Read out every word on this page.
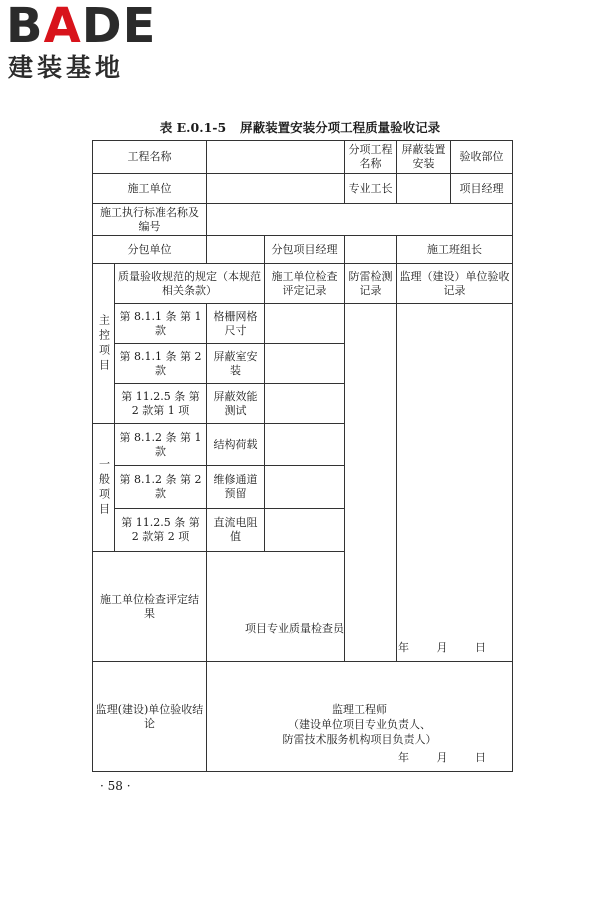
BADE
建装基地
表 E.0.1-5 屏蔽装置安装分项工程质量验收记录
工程名称				分项工程名称	屏蔽装置安装	验收部位
施工单位				专业工长		项目经理
施工执行标准名称及编号						
分包单位			分包项目经理		施工班组长	

主控项目	质量验收规范的规定（本规范相关条款）		施工单位检查评定记录	防雷检测记录	监理（建设）单位验收记录	
	第 8.1.1 条 第 1 款	格栅网格尺寸				
	第 8.1.1 条 第 2 款	屏蔽室安装				
	第 11.2.5 条 第 2 款第 1 项	屏蔽效能测试				

一般项目	第 8.1.2 条 第 1 款	结构荷载				
	第 8.1.2 条 第 2 款	维修通道预留				
	第 11.2.5 条 第 2 款第 2 项	直流电阻值				
施工单位检查评定结果		项目专业质量检查员
年 月 日				

监理(建设)单位验收结论		监理工程师
（建设单位项目专业负责人、
防雷技术服务机构项目负责人）
年 月 日				
· 58 ·
